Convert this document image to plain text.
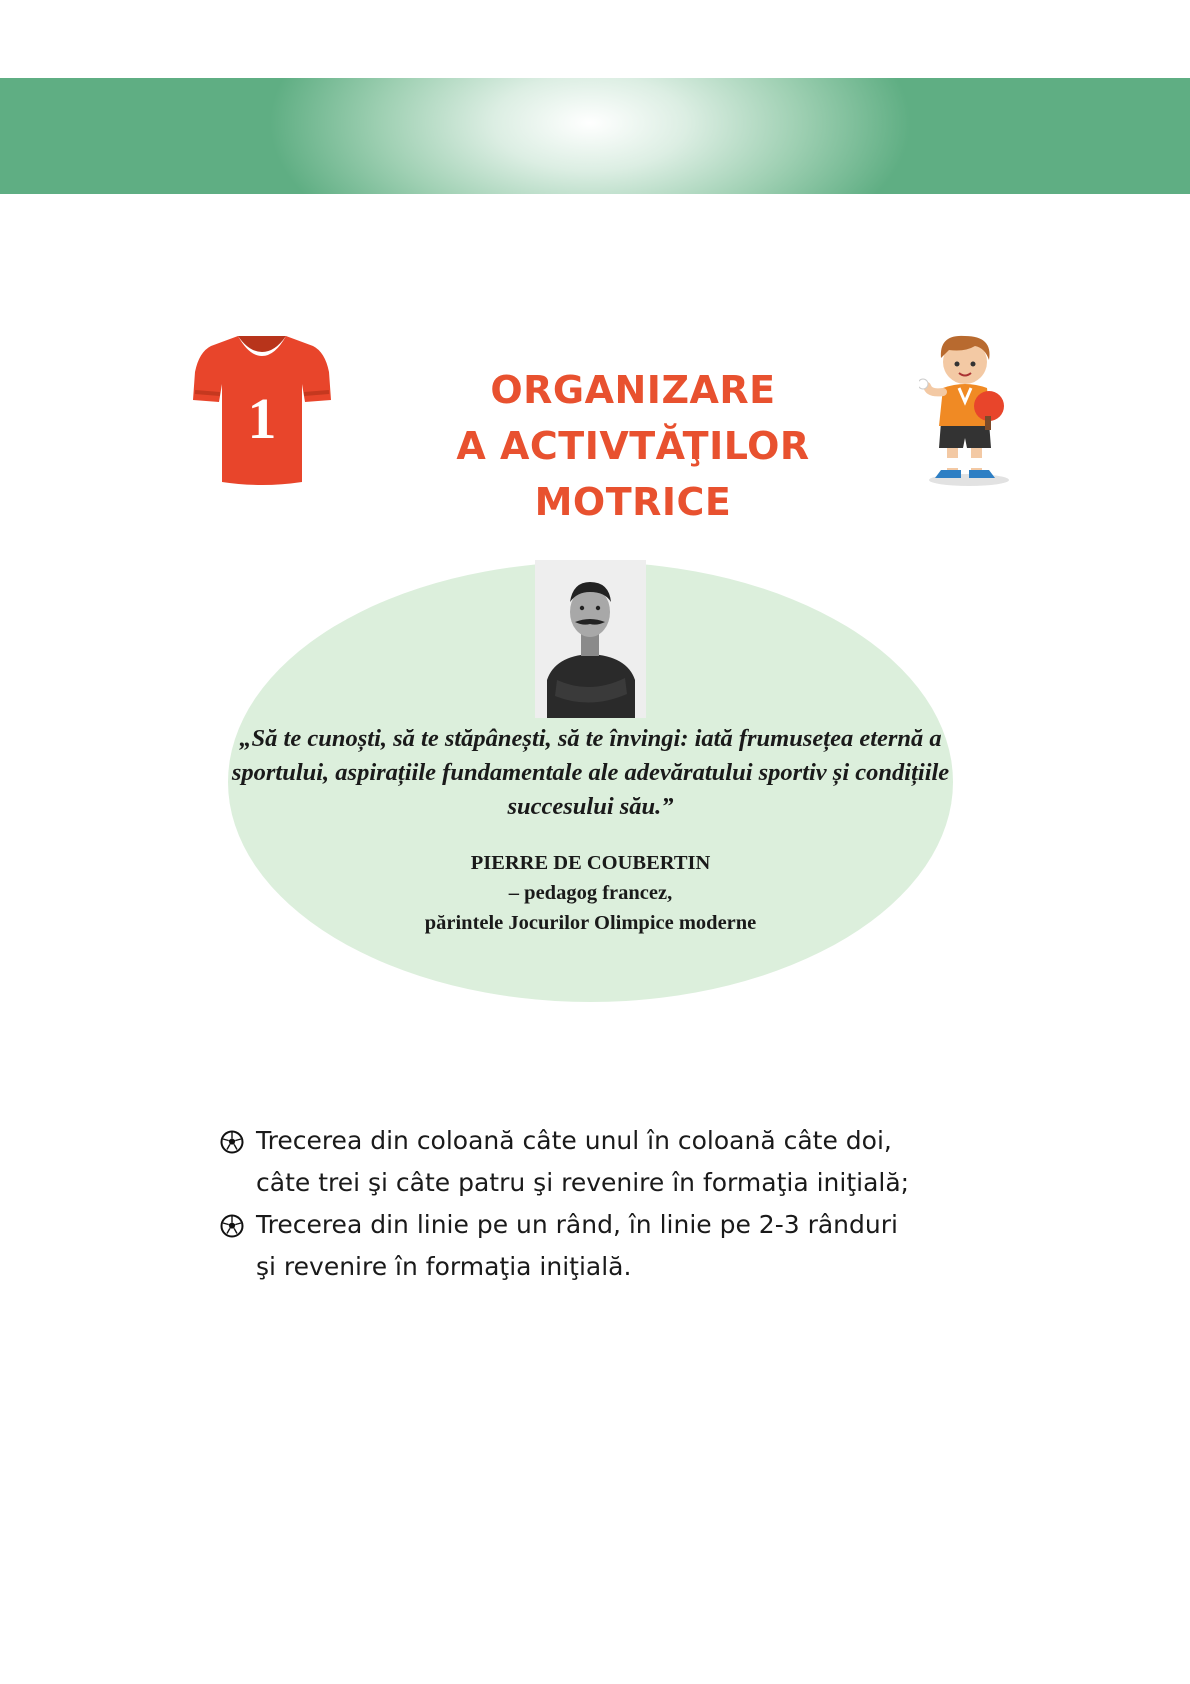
1	ORGANIZARE
A ACTIVTĂŢILOR MOTRICE
„Să te cunoști, să te stăpânești, să te învingi: iată frumusețea eternă a sportului, aspirațiile fundamentale ale adevăratului sportiv și condițiile succesului său.”
PIERRE DE COUBERTIN
– pedagog francez,
părintele Jocurilor Olimpice moderne
Trecerea din coloană câte unul în coloană câte doi,
câte trei şi câte patru şi revenire în formaţia iniţială;
Trecerea din linie pe un rând, în linie pe 2-3 rânduri
şi revenire în formaţia iniţială.
